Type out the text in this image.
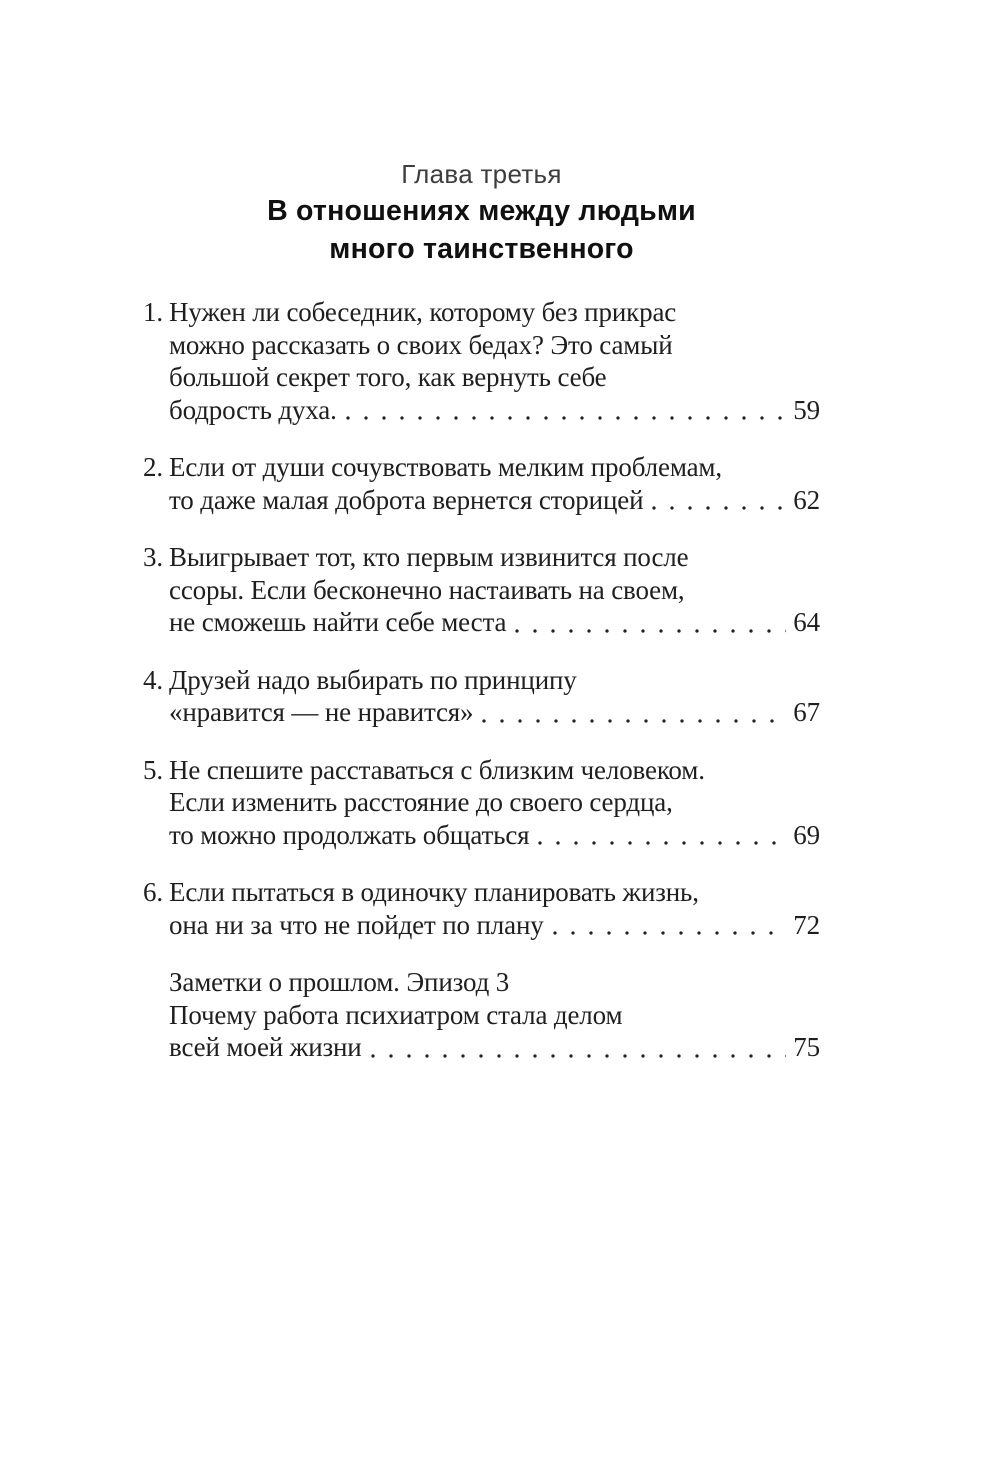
Глава третья
В отношениях между людьми
много таинственного
1. Нужен ли собеседник, которому без прикрас
можно рассказать о своих бедах? Это самый
большой секрет того, как вернуть себе
бодрость духа.	59
2. Если от души сочувствовать мелким проблемам,
то даже малая доброта вернется сторицей	62
3. Выигрывает тот, кто первым извинится после
ссоры. Если бесконечно настаивать на своем,
не сможешь найти себе места	64
4. Друзей надо выбирать по принципу
«нравится — не нравится»	67
5. Не спешите расставаться с близким человеком.
Если изменить расстояние до своего сердца,
то можно продолжать общаться	69
6. Если пытаться в одиночку планировать жизнь,
она ни за что не пойдет по плану	72
Заметки о прошлом. Эпизод 3
Почему работа психиатром стала делом
всей моей жизни	75
